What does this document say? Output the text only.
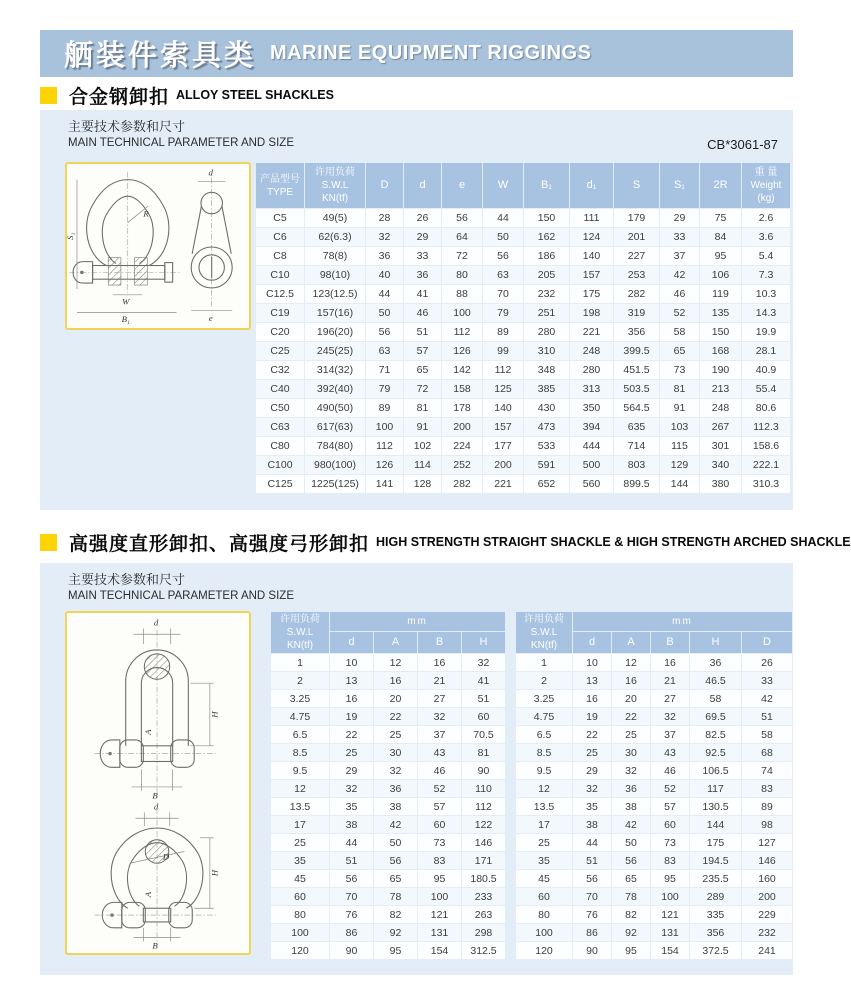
舾装件索具类 MARINE EQUIPMENT RIGGINGS
合金钢卸扣 ALLOY STEEL SHACKLES
主要技术参数和尺寸
MAIN TECHNICAL PARAMETER AND SIZE	CB*3061-87
S₁
R
W
B₁
d
e
产品型号
TYPE	许用负荷
S.W.L
KN(tf)	D	d	e	W	B₁	d₁	S	S₁	2R	重 量
Weight
(kg)
C5	49(5)	28	26	56	44	150	111	179	29	75	2.6
C6	62(6.3)	32	29	64	50	162	124	201	33	84	3.6
C8	78(8)	36	33	72	56	186	140	227	37	95	5.4
C10	98(10)	40	36	80	63	205	157	253	42	106	7.3
C12.5	123(12.5)	44	41	88	70	232	175	282	46	119	10.3
C19	157(16)	50	46	100	79	251	198	319	52	135	14.3
C20	196(20)	56	51	112	89	280	221	356	58	150	19.9
C25	245(25)	63	57	126	99	310	248	399.5	65	168	28.1
C32	314(32)	71	65	142	112	348	280	451.5	73	190	40.9
C40	392(40)	79	72	158	125	385	313	503.5	81	213	55.4
C50	490(50)	89	81	178	140	430	350	564.5	91	248	80.6
C63	617(63)	100	91	200	157	473	394	635	103	267	112.3
C80	784(80)	112	102	224	177	533	444	714	115	301	158.6
C100	980(100)	126	114	252	200	591	500	803	129	340	222.1
C125	1225(125)	141	128	282	221	652	560	899.5	144	380	310.3
高强度直形卸扣、高强度弓形卸扣 HIGH STRENGTH STRAIGHT SHACKLE & HIGH STRENGTH ARCHED SHACKLE
主要技术参数和尺寸
MAIN TECHNICAL PARAMETER AND SIZE
d
H
A
B
d
D
H
A
B
许用负荷
S.W.L
KN(tf)	mm			
	d	A	B	H
1	10	12	16	32
2	13	16	21	41
3.25	16	20	27	51
4.75	19	22	32	60
6.5	22	25	37	70.5
8.5	25	30	43	81
9.5	29	32	46	90
12	32	36	52	110
13.5	35	38	57	112
17	38	42	60	122
25	44	50	73	146
35	51	56	83	171
45	56	65	95	180.5
60	70	78	100	233
80	76	82	121	263
100	86	92	131	298
120	90	95	154	312.5
许用负荷
S.W.L
KN(tf)	mm				
	d	A	B	H	D
1	10	12	16	36	26
2	13	16	21	46.5	33
3.25	16	20	27	58	42
4.75	19	22	32	69.5	51
6.5	22	25	37	82.5	58
8.5	25	30	43	92.5	68
9.5	29	32	46	106.5	74
12	32	36	52	117	83
13.5	35	38	57	130.5	89
17	38	42	60	144	98
25	44	50	73	175	127
35	51	56	83	194.5	146
45	56	65	95	235.5	160
60	70	78	100	289	200
80	76	82	121	335	229
100	86	92	131	356	232
120	90	95	154	372.5	241
